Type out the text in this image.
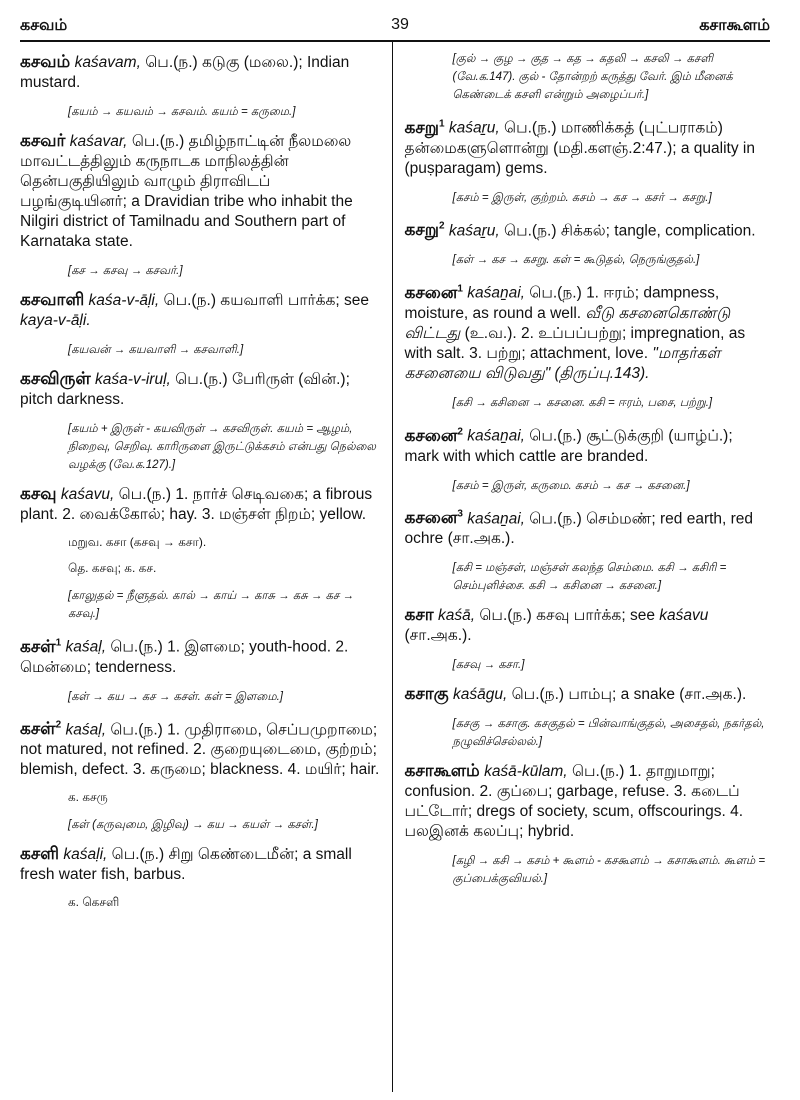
கசவம்	39	கசாகூளம்

கசவம் kaśavam, பெ.(ந.) கடுகு (மலை.); Indian mustard.

[கயம் → கயவம் → கசவம். கயம் = கருமை.]

கசவர் kaśavar, பெ.(ந.) தமிழ்நாட்டின் நீலமலை மாவட்டத்திலும் கருநாடக மாநிலத்தின் தென்பகுதியிலும் வாழும் திராவிடப் பழங்குடியினர்; a Dravidian tribe who inhabit the Nilgiri district of Tamilnadu and Southern part of Karnataka state.

[கச → கசவு → கசவர்.]

கசவாளி kaśa-v-āḷi, பெ.(ந.) கயவாளி பார்க்க; see kaya-v-āḷi.

[கயவன் → கயவாளி → கசவாளி.]

கசவிருள் kaśa-v-iruḷ, பெ.(ந.) பேரிருள் (வின்.); pitch darkness.

[கயம் + இருள் - கயவிருள் → கசவிருள். கயம் = ஆழம், நிறைவு, செறிவு. காரிருளை இருட்டுக்கசம் என்பது நெல்லை வழக்கு (வே.க.127).]

கசவு kaśavu, பெ.(ந.) 1. நார்ச் செடிவகை; a fibrous plant. 2. வைக்கோல்; hay. 3. மஞ்சள் நிறம்; yellow.

மறுவ. கசா (கசவு → கசா).
தெ. கசவு; க. கச.
[காலுதல் = நீளுதல். கால் → காய் → காசு → கசு → கச → கசவு.]

கசள்$^1$ kaśaḷ, பெ.(ந.) 1. இளமை; youth-hood. 2. மென்மை; tenderness.

[கள் → கய → கச → கசள். கள் = இளமை.]

கசள்$^2$ kaśaḷ, பெ.(ந.) 1. முதிராமை, செப்பமுறாமை; not matured, not refined. 2. குறையுடைமை, குற்றம்; blemish, defect. 3. கருமை; blackness. 4. மயிர்; hair.

க. கசரு
[கள் (கருவுமை, இழிவு) → கய → கயள் → கசள்.]

கசளி kaśaḷi, பெ.(ந.) சிறு கெண்டைமீன்; a small fresh water fish, barbus.

க. கெசளி
[குல் → குழ → குத → கத → கதலி → கசலி → கசளி (வே.க.147). குல் - தோன்றற் கருத்து வேர். இம் மீனைக் கெண்டைக் கசளி என்றும் அழைப்பர்.]

கசறு$^1$ kaśaṟu, பெ.(ந.) மாணிக்கத் (புட்பராகம்) தன்மைகளுளொன்று (மதி.களஞ்.2:47.); a quality in (puṣparagam) gems.

[கசம் = இருள், குற்றம். கசம் → கச → கசர் → கசறு.]

கசறு$^2$ kaśaṟu, பெ.(ந.) சிக்கல்; tangle, complication.

[கள் → கச → கசறு. கள் = கூடுதல், நெருங்குதல்.]

கசனை$^1$ kaśaṉai, பெ.(ந.) 1. ஈரம்; dampness, moisture, as round a well. வீடு கசனைகொண்டு விட்டது (உ.வ.). 2. உப்பப்பற்று; impregnation, as with salt. 3. பற்று; attachment, love. "மாதர்கள் கசனையை விடுவது" (திருப்பு.143).

[கசி → கசினை → கசனை. கசி = ஈரம், பசை, பற்று.]

கசனை$^2$ kaśaṉai, பெ.(ந.) சூட்டுக்குறி (யாழ்ப்.); mark with which cattle are branded.

[கசம் = இருள், கருமை. கசம் → கச → கசனை.]

கசனை$^3$ kaśaṉai, பெ.(ந.) செம்மண்; red earth, red ochre (சா.அக.).

[கசி = மஞ்சள், மஞ்சள் கலந்த செம்மை. கசி → கசிரி = செம்புளிச்சை. கசி → கசினை → கசனை.]

கசா kaśā, பெ.(ந.) கசவு பார்க்க; see kaśavu (சா.அக.).

[கசவு → கசா.]

கசாகு kaśāgu, பெ.(ந.) பாம்பு; a snake (சா.அக.).

[கசகு → கசாகு. கசகுதல் = பின்வாங்குதல், அசைதல், நகர்தல், நழுவிச்செல்லல்.]

கசாகூளம் kaśā-kūlam, பெ.(ந.) 1. தாறுமாறு; confusion. 2. குப்பை; garbage, refuse. 3. கடைப் பட்டோர்; dregs of society, scum, offscourings. 4. பலஇனக் கலப்பு; hybrid.

[கழி → கசி → கசம் + கூளம் - கசகூளம் → கசாகூளம். கூளம் = குப்பைக்குவியல்.]
